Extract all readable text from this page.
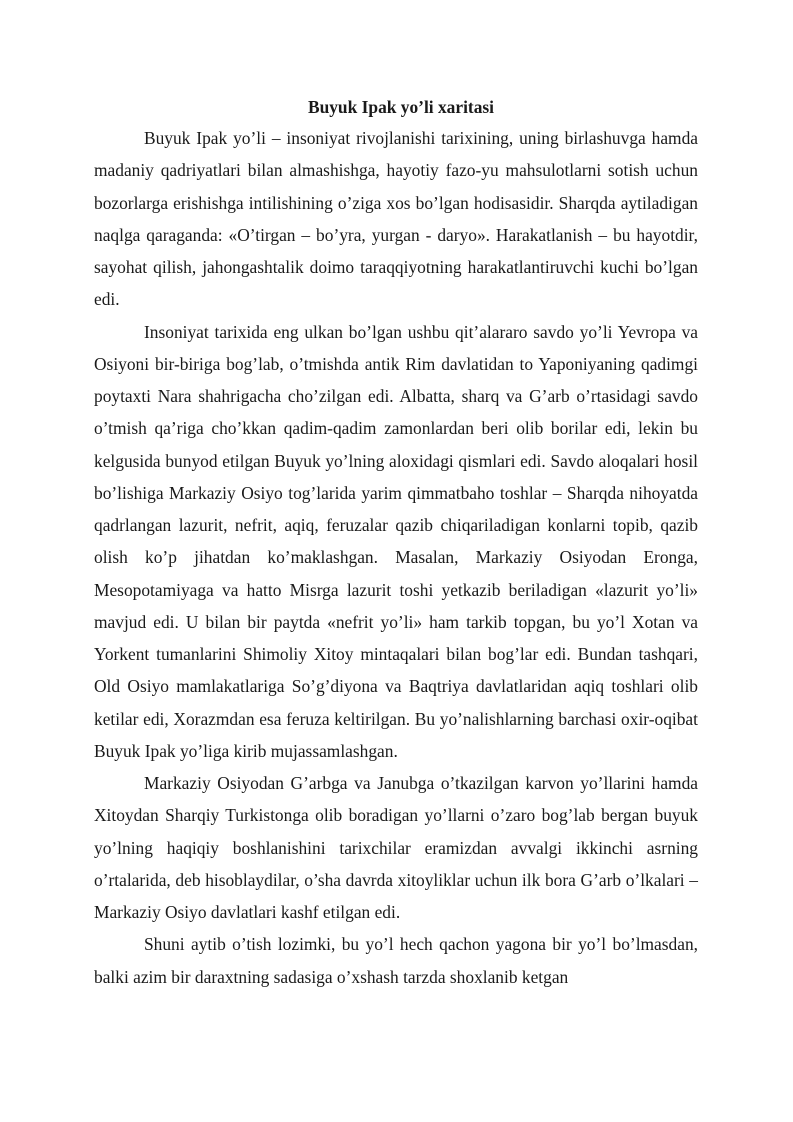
Buyuk Ipak yo’li xaritasi

Buyuk Ipak yo’li – insoniyat rivojlanishi tarixining, uning birlashuvga hamda madaniy qadriyatlari bilan almashishga, hayotiy fazo-yu mahsulotlarni sotish uchun bozorlarga erishishga intilishining o’ziga xos bo’lgan hodisasidir. Sharqda aytiladigan naqlga qaraganda: «O’tirgan – bo’yra, yurgan - daryo». Harakatlanish – bu hayotdir, sayohat qilish, jahongashtalik doimo taraqqiyotning harakatlantiruvchi kuchi bo’lgan edi.

Insoniyat tarixida eng ulkan bo’lgan ushbu qit’alararo savdo yo’li Yevropa va Osiyoni bir-biriga bog’lab, o’tmishda antik Rim davlatidan to Yaponiyaning qadimgi poytaxti Nara shahrigacha cho’zilgan edi. Albatta, sharq va G’arb o’rtasidagi savdo o’tmish qa’riga cho’kkan qadim-qadim zamonlardan beri olib borilar edi, lekin bu kelgusida bunyod etilgan Buyuk yo’lning aloxidagi qismlari edi. Savdo aloqalari hosil bo’lishiga Markaziy Osiyo tog’larida yarim qimmatbaho toshlar – Sharqda nihoyatda qadrlangan lazurit, nefrit, aqiq, feruzalar qazib chiqariladigan konlarni topib, qazib olish ko’p jihatdan ko’maklashgan. Masalan, Markaziy Osiyodan Eronga, Mesopotamiyaga va hatto Misrga lazurit toshi yetkazib beriladigan «lazurit yo’li» mavjud edi. U bilan bir paytda «nefrit yo’li» ham tarkib topgan, bu yo’l Xotan va Yorkent tumanlarini Shimoliy Xitoy mintaqalari bilan bog’lar edi. Bundan tashqari, Old Osiyo mamlakatlariga So’g’diyona va Baqtriya davlatlaridan aqiq toshlari olib ketilar edi, Xorazmdan esa feruza keltirilgan. Bu yo’nalishlarning barchasi oxir-oqibat Buyuk Ipak yo’liga kirib mujassamlashgan.

Markaziy Osiyodan G’arbga va Janubga o’tkazilgan karvon yo’llarini hamda Xitoydan Sharqiy Turkistonga olib boradigan yo’llarni o’zaro bog’lab bergan buyuk yo’lning haqiqiy boshlanishini tarixchilar eramizdan avvalgi ikkinchi asrning o’rtalarida, deb hisoblaydilar, o’sha davrda xitoyliklar uchun ilk bora G’arb o’lkalari – Markaziy Osiyo davlatlari kashf etilgan edi.

Shuni aytib o’tish lozimki, bu yo’l hech qachon yagona bir yo’l bo’lmasdan, balki azim bir daraxtning sadasiga o’xshash tarzda shoxlanib ketgan
